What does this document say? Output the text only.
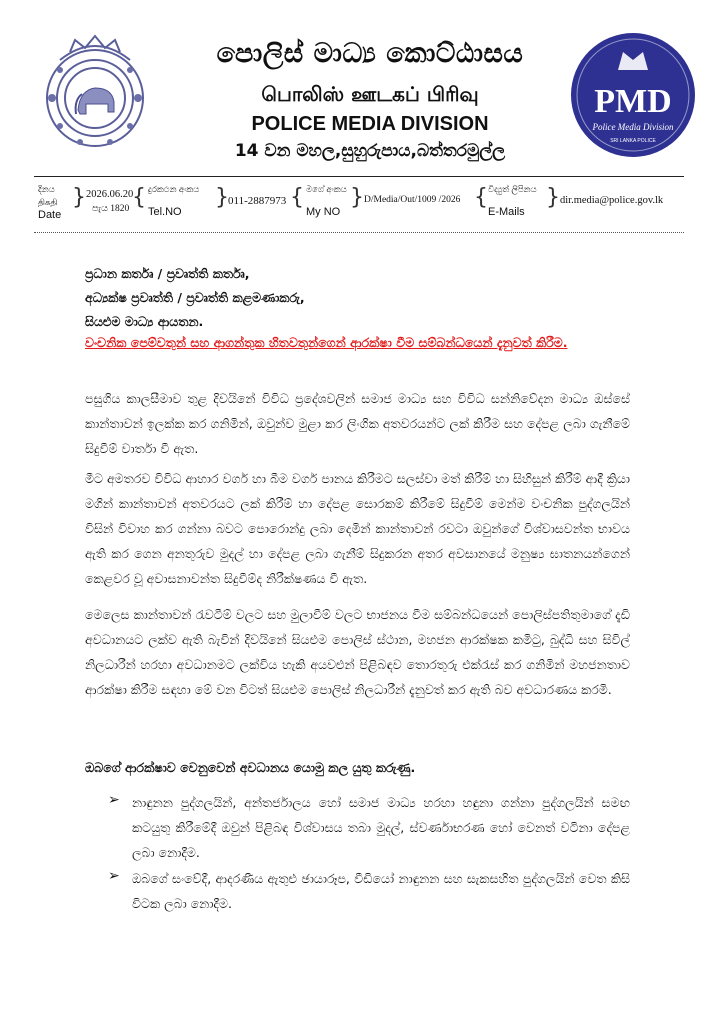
පොලිස් මාධ්‍ය කොට්ඨාසය
பொலிஸ் ஊடகப் பிரிவு
POLICE MEDIA DIVISION
14 වන මහල,සුහුරුපාය,බත්තරමුල්ල
PMD
Police Media Division
SRI LANKA POLICE
දිනය
திகதி
Date
} 2026.06.20
පැය 1820 { දුරකථන අංකය
Tel.NO
} 011-2887973 { මගේ අංකය
My NO
} D/Media/Out/1009 /2026 { විද්‍යුත් ලිපිනය
E-Mails
} dir.media@police.gov.lk
ප්‍රධාන කර්තෘ / ප්‍රවෘත්ති කර්තෘ,
අධ්‍යක්ෂ ප්‍රවෘත්ති / ප්‍රවෘත්ති කළමණාකරු,
සියළුම මාධ්‍ය ආයතන.
වංචනික පෙම්වතුන් සහ ආගන්තුක හිතවතුන්ගෙන් ආරක්ෂා වීම සම්බන්ධයෙන් දැනුවත් කිරීම.
පසුගිය කාලසීමාව තුළ දිවයිනේ විවිධ ප්‍රදේශවලින් සමාජ මාධ්‍ය සහ විවිධ සන්නිවේදන මාධ්‍ය ඔස්සේ කාන්තාවන් ඉලක්ක කර ගනිමින්, ඔවුන්ව මුළා කර ලිංගික අතවරයන්ට ලක් කිරීම සහ දේපළ ලබා ගැනීමේ සිදුවීම් වාර්තා වී ඇත.
මීට අමතරව විවිධ ආහාර වර්ග හා බීම වර්ග පානය කිරීමට සලස්වා මත් කිරීම් හා සිහිසුන් කිරීම් ආදී ක්‍රියා මගින් කාන්තාවන් අතවරයට ලක් කිරීම් හා දේපළ සොරකම් කිරීමේ සිදුවීම් මෙන්ම වංචනික පුද්ගලයින් විසින් විවාහ කර ගන්නා බවට පොරොන්දු ලබා දෙමින් කාන්තාවන් රවටා ඔවුන්ගේ විශ්වාසවන්ත භාවය ඇති කර ගෙන අනතුරුව මුදල් හා දේපළ ලබා ගැනීම් සිදුකරන අතර අවසානයේ මනුෂ්‍ය ඝාතනයන්ගෙන් කෙළවර වූ අවාසනාවන්ත සිදුවීම්ද නිරීක්ෂණය වී ඇත.
මෙලෙස කාන්තාවන් රැවටීම් වලට සහ මුලාවීම් වලට භාජනය වීම සම්බන්ධයෙන් පොලිස්පතිතුමාගේ දැඩි අවධානයට ලක්ව ඇති බැවින් දිවයිනේ සියළුම පොලිස් ස්ථාන, මහජන ආරක්ෂක කමිටු, බුද්ධි සහ සිවිල් නිලධාරීන් හරහා අවධානමට ලක්විය හැකි අයවළුන් පිළිබඳව තොරතුරු එක්රැස් කර ගනිමින් මහජනතාව ආරක්ෂා කිරීම සඳහා මේ වන විටත් සියළුම පොලිස් නිලධාරීන් දැනුවත් කර ඇති බව අවධාරණය කරමි.
ඔබගේ ආරක්ෂාව වෙනුවෙන් අවධානය යොමු කල යුතු කරුණු.
➢ නාඳුනන පුද්ගලයින්, අන්තර්ජාලය හෝ සමාජ මාධ්‍ය හරහා හඳුනා ගන්නා පුද්ගලයින් සමඟ කටයුතු කිරීමේදී ඔවුන් පිළිබඳ විශ්වාසය තබා මුදල්, ස්වර්ණාභරණ හෝ වෙනත් වටිනා දේපළ ලබා නොදීම.
➢ ඔබගේ සංවේදී, ආදරණීය ඇතුළු ඡායාරූප, වීඩියෝ නාඳුනන සහ සැකසහිත පුද්ගලයින් වෙත කිසි විටක ලබා නොදීම.
